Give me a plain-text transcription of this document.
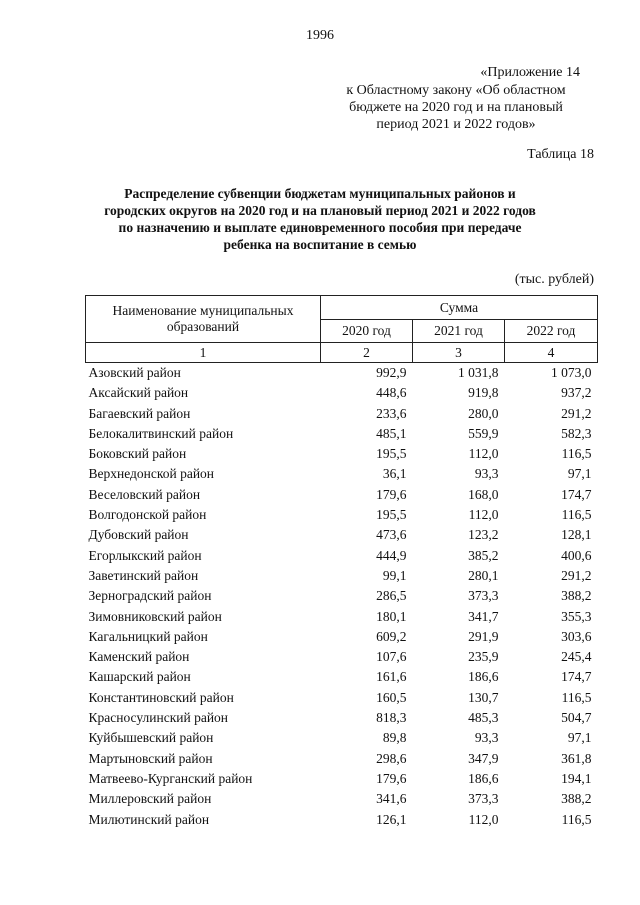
1996
«Приложение 14
к Областному закону «Об областном
бюджете на 2020 год и на плановый
период 2021 и 2022 годов»
Таблица 18
Распределение субвенции бюджетам муниципальных районов и
городских округов на 2020 год и на плановый период 2021 и 2022 годов
по назначению и выплате единовременного пособия при передаче
ребенка на воспитание в семью
(тыс. рублей)
Наименование муниципальных образований	Сумма		
	2020 год	2021 год	2022 год
1	2	3	4
Азовский район	992,9	1 031,8	1 073,0
Аксайский район	448,6	919,8	937,2
Багаевский район	233,6	280,0	291,2
Белокалитвинский район	485,1	559,9	582,3
Боковский район	195,5	112,0	116,5
Верхнедонской район	36,1	93,3	97,1
Веселовский район	179,6	168,0	174,7
Волгодонской район	195,5	112,0	116,5
Дубовский район	473,6	123,2	128,1
Егорлыкский район	444,9	385,2	400,6
Заветинский район	99,1	280,1	291,2
Зерноградский район	286,5	373,3	388,2
Зимовниковский район	180,1	341,7	355,3
Кагальницкий район	609,2	291,9	303,6
Каменский район	107,6	235,9	245,4
Кашарский район	161,6	186,6	174,7
Константиновский район	160,5	130,7	116,5
Красносулинский район	818,3	485,3	504,7
Куйбышевский район	89,8	93,3	97,1
Мартыновский район	298,6	347,9	361,8
Матвеево-Курганский район	179,6	186,6	194,1
Миллеровский район	341,6	373,3	388,2
Милютинский район	126,1	112,0	116,5
